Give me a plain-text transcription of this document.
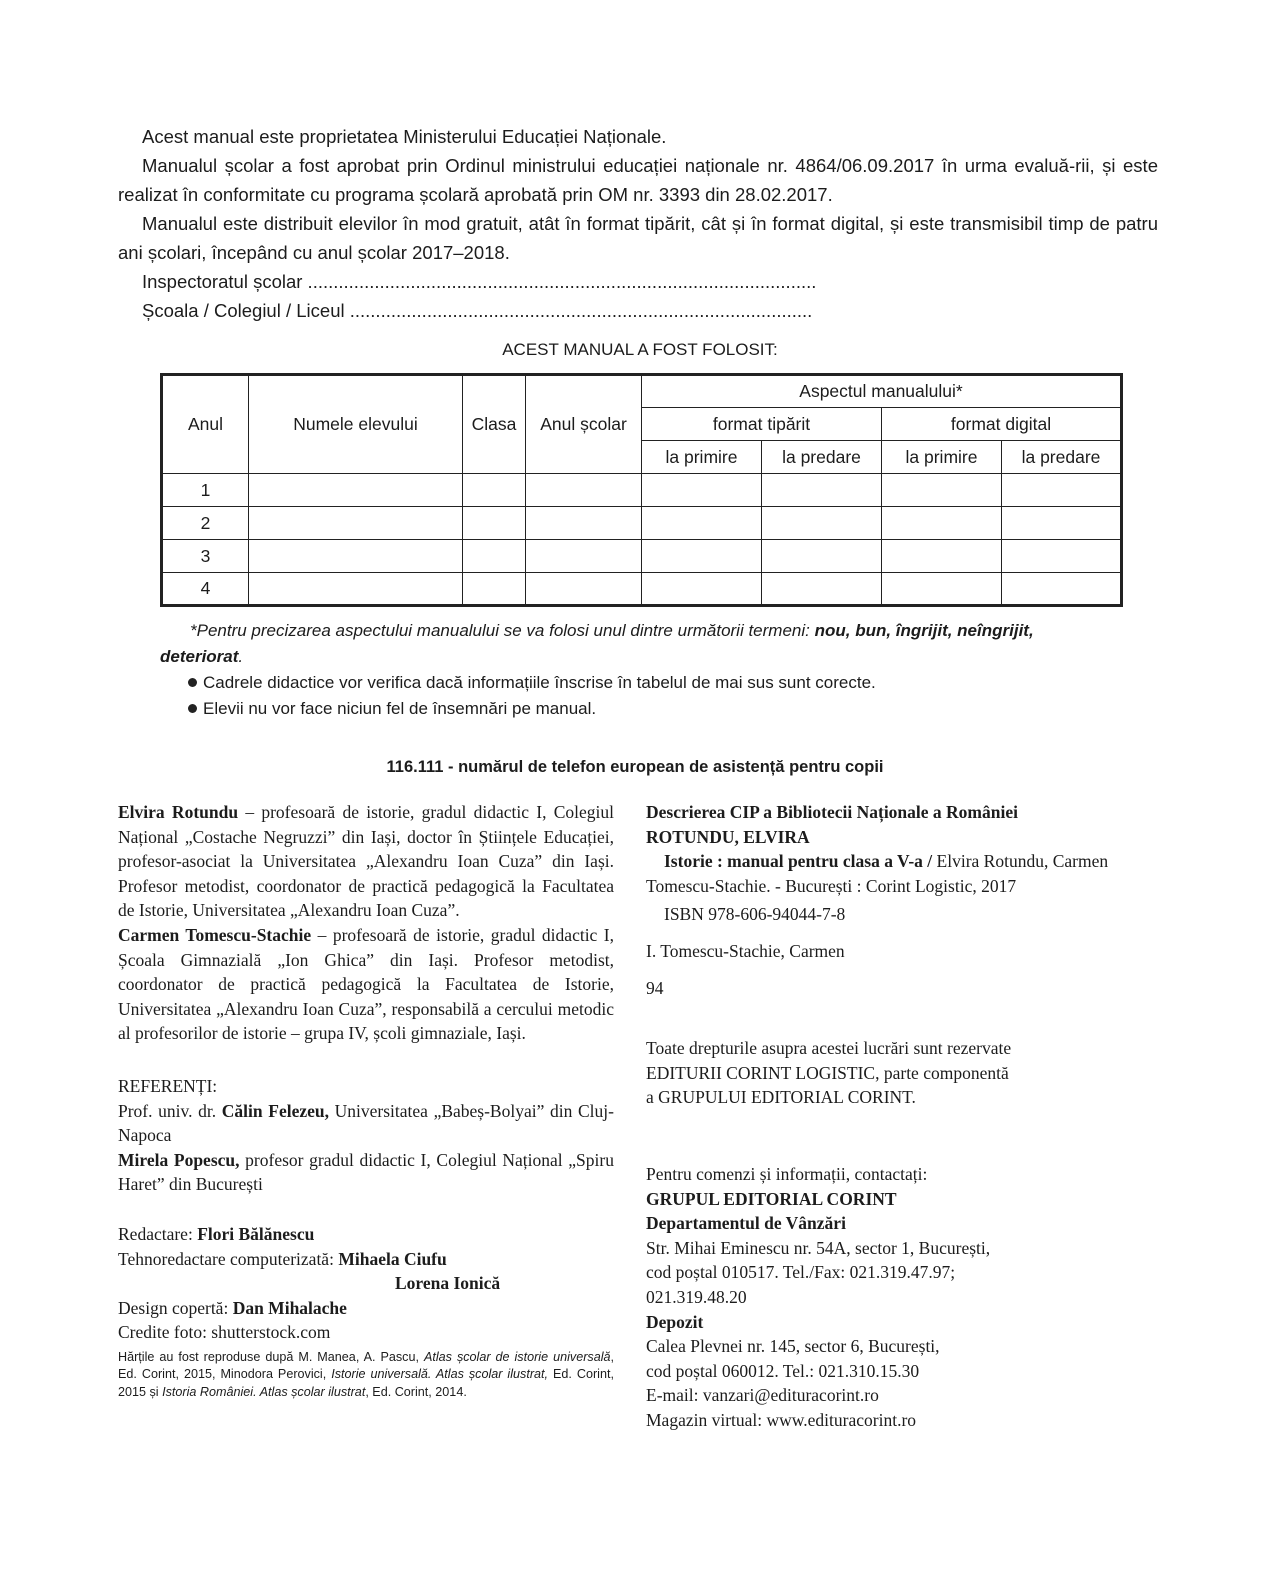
Acest manual este proprietatea Ministerului Educației Naționale.

Manualul școlar a fost aprobat prin Ordinul ministrului educației naționale nr. 4864/06.09.2017 în urma evaluă-rii, și este realizat în conformitate cu programa școlară aprobată prin OM nr. 3393 din 28.02.2017.

Manualul este distribuit elevilor în mod gratuit, atât în format tipărit, cât și în format digital, și este transmisibil timp de patru ani școlari, începând cu anul școlar 2017–2018.

Inspectoratul școlar ...................................................................................................

Școala / Colegiul / Liceul ..........................................................................................

ACEST MANUAL A FOST FOLOSIT:
Anul	Numele elevului	Clasa	Anul școlar	Aspectul manualului*			
				format tipărit		format digital	
				la primire	la predare	la primire	la predare
1							
2							
3							
4							

*Pentru precizarea aspectului manualului se va folosi unul dintre următorii termeni: nou, bun, îngrijit, neîngrijit, deteriorat.

Cadrele didactice vor verifica dacă informațiile înscrise în tabelul de mai sus sunt corecte.

Elevii nu vor face niciun fel de însemnări pe manual.

116.111 - numărul de telefon european de asistență pentru copii

Elvira Rotundu – profesoară de istorie, gradul didactic I, Colegiul Național „Costache Negruzzi” din Iași, doctor în Științele Educației, profesor-asociat la Universitatea „Alexandru Ioan Cuza” din Iași. Profesor metodist, coordonator de practică pedagogică la Facultatea de Istorie, Universitatea „Alexandru Ioan Cuza”.

Carmen Tomescu-Stachie – profesoară de istorie, gradul didactic I, Școala Gimnazială „Ion Ghica” din Iași. Profesor metodist, coordonator de practică pedagogică la Facultatea de Istorie, Universitatea „Alexandru Ioan Cuza”, responsabilă a cercului metodic al profesorilor de istorie – grupa IV, școli gimnaziale, Iași.

REFERENȚI:

Prof. univ. dr. Călin Felezeu, Universitatea „Babeș-Bolyai” din Cluj-Napoca

Mirela Popescu, profesor gradul didactic I, Colegiul Național „Spiru Haret” din București

Redactare: Flori Bălănescu

Tehnoredactare computerizată: Mihaela Ciufu

Lorena Ionică

Design copertă: Dan Mihalache

Credite foto: shutterstock.com

Hărțile au fost reproduse după M. Manea, A. Pascu, Atlas școlar de istorie universală, Ed. Corint, 2015, Minodora Perovici, Istorie universală. Atlas școlar ilustrat, Ed. Corint, 2015 și Istoria României. Atlas școlar ilustrat, Ed. Corint, 2014.

Descrierea CIP a Bibliotecii Naționale a României

ROTUNDU, ELVIRA

Istorie : manual pentru clasa a V-a / Elvira Rotundu, Carmen Tomescu-Stachie. - București : Corint Logistic, 2017

ISBN 978-606-94044-7-8

I. Tomescu-Stachie, Carmen

94

Toate drepturile asupra acestei lucrări sunt rezervate

EDITURII CORINT LOGISTIC, parte componentă

a GRUPULUI EDITORIAL CORINT.

Pentru comenzi și informații, contactați:

GRUPUL EDITORIAL CORINT

Departamentul de Vânzări

Str. Mihai Eminescu nr. 54A, sector 1, București,

cod poștal 010517. Tel./Fax: 021.319.47.97;

021.319.48.20

Depozit

Calea Plevnei nr. 145, sector 6, București,

cod poștal 060012. Tel.: 021.310.15.30

E-mail: vanzari@edituracorint.ro

Magazin virtual: www.edituracorint.ro
